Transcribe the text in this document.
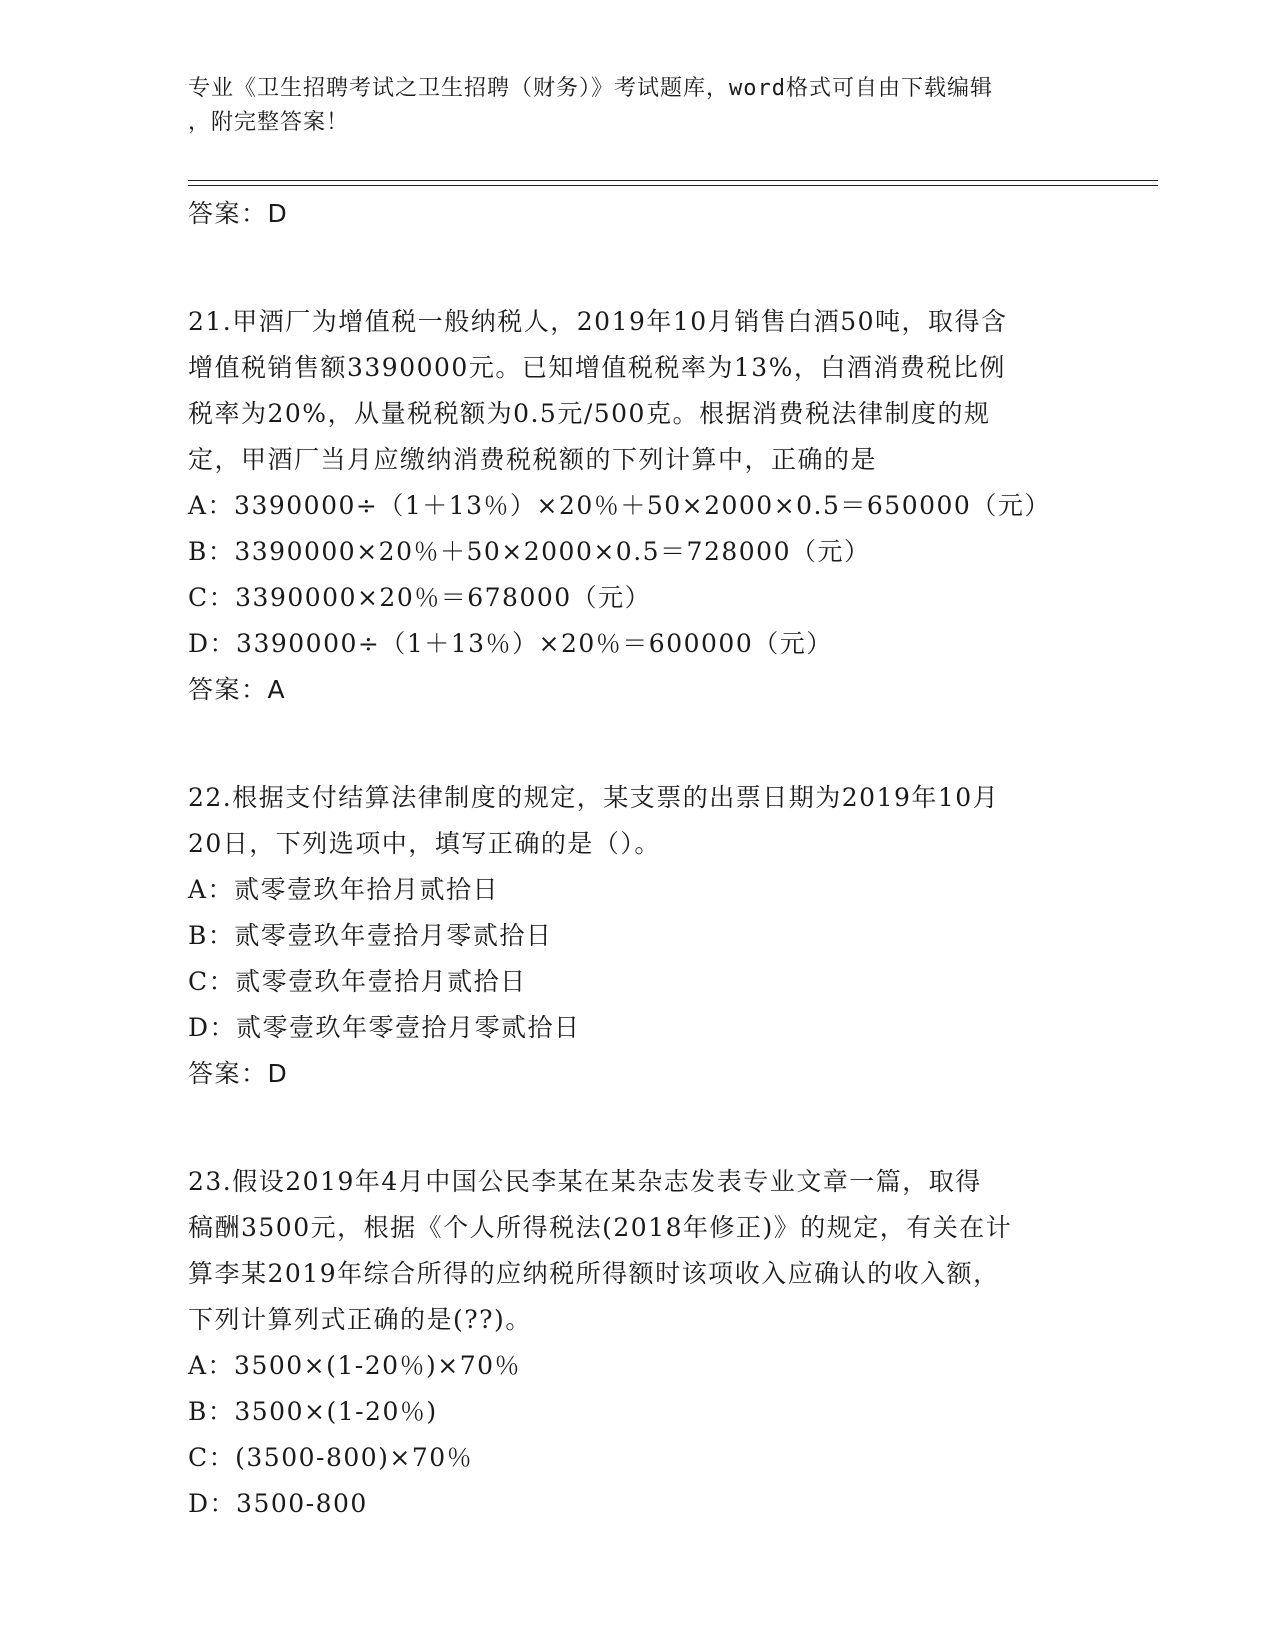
专业《卫生招聘考试之卫生招聘（财务）》考试题库，word格式可自由下载编辑
，附完整答案！
答案：D
21.甲酒厂为增值税一般纳税人，2019年10月销售白酒50吨，取得含
增值税销售额3390000元。已知增值税税率为13%，白酒消费税比例
税率为20%，从量税税额为0.5元/500克。根据消费税法律制度的规
定，甲酒厂当月应缴纳消费税税额的下列计算中，正确的是
A：3390000÷（1＋13％）×20％＋50×2000×0.5＝650000（元）
B：3390000×20％＋50×2000×0.5＝728000（元）
C：3390000×20％＝678000（元）
D：3390000÷（1＋13％）×20％＝600000（元）
答案：A
22.根据支付结算法律制度的规定，某支票的出票日期为2019年10月
20日，下列选项中，填写正确的是（）。
A：贰零壹玖年拾月贰拾日
B：贰零壹玖年壹拾月零贰拾日
C：贰零壹玖年壹拾月贰拾日
D：贰零壹玖年零壹拾月零贰拾日
答案：D
23.假设2019年4月中国公民李某在某杂志发表专业文章一篇，取得
稿酬3500元，根据《个人所得税法(2018年修正)》的规定，有关在计
算李某2019年综合所得的应纳税所得额时该项收入应确认的收入额，
下列计算列式正确的是(??)。
A：3500×(1-20％)×70％
B：3500×(1-20％)
C：(3500-800)×70％
D：3500-800
